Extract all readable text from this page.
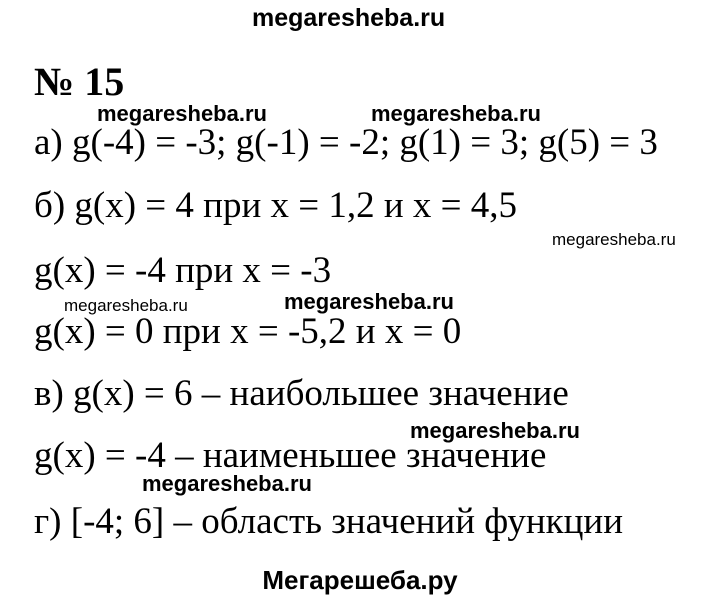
megaresheba.ru
№ 15
megaresheba.ru	megaresheba.ru
megaresheba.ru
megaresheba.ru	megaresheba.ru
megaresheba.ru
megaresheba.ru
а) g(-4) = -3; g(-1) = -2; g(1) = 3; g(5) = 3
б) g(x) = 4 при x = 1,2 и x = 4,5
g(x) = -4 при x = -3
g(x) = 0 при x = -5,2 и x = 0
в) g(x) = 6 – наибольшее значение
g(x) = -4 – наименьшее значение
г) [-4; 6] – область значений функции
Мегарешеба.ру
